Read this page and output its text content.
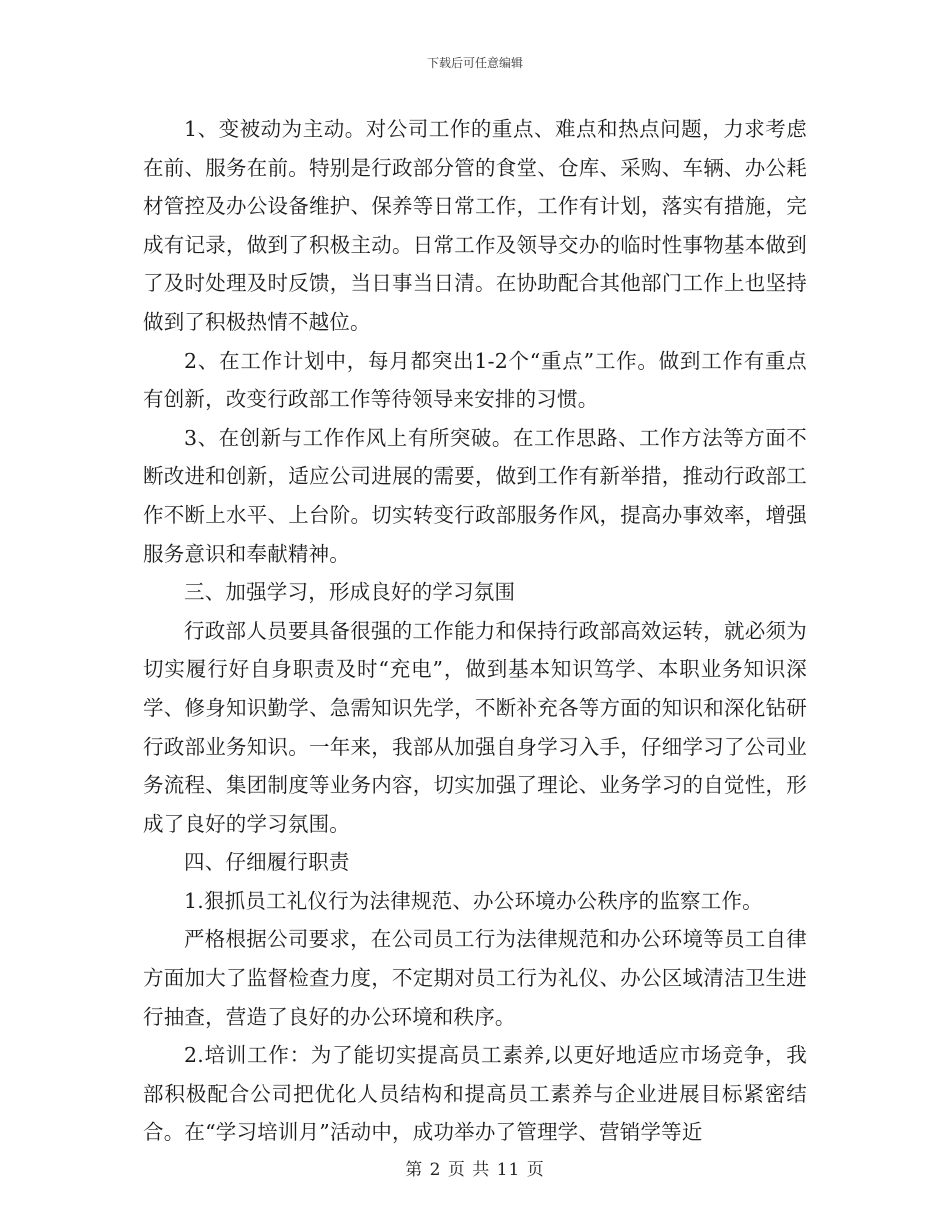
下载后可任意编辑

1、变被动为主动。对公司工作的重点、难点和热点问题，力求考虑在前、服务在前。特别是行政部分管的食堂、仓库、采购、车辆、办公耗材管控及办公设备维护、保养等日常工作，工作有计划，落实有措施，完成有记录，做到了积极主动。日常工作及领导交办的临时性事物基本做到了及时处理及时反馈，当日事当日清。在协助配合其他部门工作上也坚持做到了积极热情不越位。

2、在工作计划中，每月都突出1-2个“重点”工作。做到工作有重点有创新，改变行政部工作等待领导来安排的习惯。

3、在创新与工作作风上有所突破。在工作思路、工作方法等方面不断改进和创新，适应公司进展的需要，做到工作有新举措，推动行政部工作不断上水平、上台阶。切实转变行政部服务作风，提高办事效率，增强服务意识和奉献精神。

三、加强学习，形成良好的学习氛围

行政部人员要具备很强的工作能力和保持行政部高效运转，就必须为切实履行好自身职责及时“充电”，做到基本知识笃学、本职业务知识深学、修身知识勤学、急需知识先学，不断补充各等方面的知识和深化钻研行政部业务知识。一年来，我部从加强自身学习入手，仔细学习了公司业务流程、集团制度等业务内容，切实加强了理论、业务学习的自觉性，形成了良好的学习氛围。

四、仔细履行职责

1.狠抓员工礼仪行为法律规范、办公环境办公秩序的监察工作。

严格根据公司要求，在公司员工行为法律规范和办公环境等员工自律方面加大了监督检查力度，不定期对员工行为礼仪、办公区域清洁卫生进行抽查，营造了良好的办公环境和秩序。

2.培训工作：为了能切实提高员工素养,以更好地适应市场竞争，我部积极配合公司把优化人员结构和提高员工素养与企业进展目标紧密结合。在“学习培训月”活动中，成功举办了管理学、营销学等近

第 2 页 共 11 页
